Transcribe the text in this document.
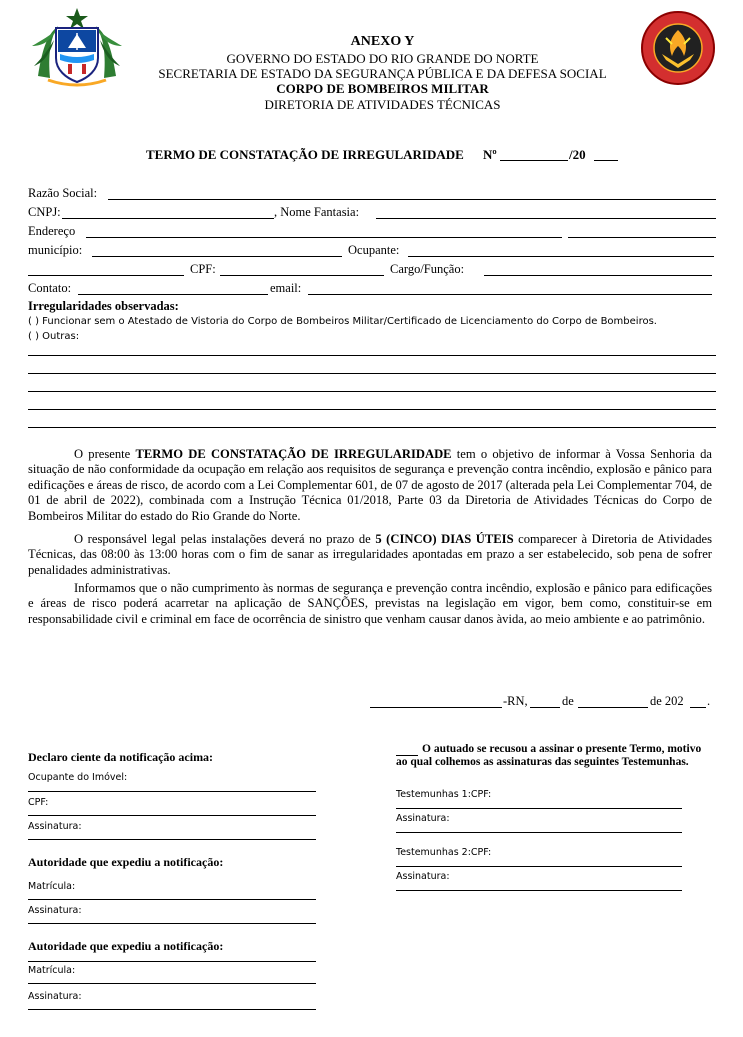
ANEXO Y
GOVERNO DO ESTADO DO RIO GRANDE DO NORTE
SECRETARIA DE ESTADO DA SEGURANÇA PÚBLICA E DA DEFESA SOCIAL
CORPO DE BOMBEIROS MILITAR
DIRETORIA DE ATIVIDADES TÉCNICAS
TERMO DE CONSTATAÇÃO DE IRREGULARIDADE Nº	/20
Razão Social:
CNPJ:	, Nome Fantasia:
Endereço
município:	Ocupante:
CPF:	Cargo/Função:
Contato:	email:
Irregularidades observadas:
( ) Funcionar sem o Atestado de Vistoria do Corpo de Bombeiros Militar/Certificado de Licenciamento do Corpo de Bombeiros.
( ) Outras:
O presente TERMO DE CONSTATAÇÃO DE IRREGULARIDADE tem o objetivo de informar à Vossa Senhoria da situação de não conformidade da ocupação em relação aos requisitos de segurança e prevenção contra incêndio, explosão e pânico para edificações e áreas de risco, de acordo com a Lei Complementar 601, de 07 de agosto de 2017 (alterada pela Lei Complementar 704, de 01 de abril de 2022), combinada com a Instrução Técnica 01/2018, Parte 03 da Diretoria de Atividades Técnicas do Corpo de Bombeiros Militar do estado do Rio Grande do Norte.
O responsável legal pelas instalações deverá no prazo de 5 (CINCO) DIAS ÚTEIS comparecer à Diretoria de Atividades Técnicas, das 08:00 às 13:00 horas com o fim de sanar as irregularidades apontadas em prazo a ser estabelecido, sob pena de sofrer penalidades administrativas.
Informamos que o não cumprimento às normas de segurança e prevenção contra incêndio, explosão e pânico para edificações e áreas de risco poderá acarretar na aplicação de SANÇÕES, previstas na legislação em vigor, bem como, constituir-se em responsabilidade civil e criminal em face de ocorrência de sinistro que venham causar danos àvida, ao meio ambiente e ao patrimônio.
-RN,	de	de 202 .
Declaro ciente da notificação acima:
Ocupante do Imóvel:
CPF:
Assinatura:
Autoridade que expediu a notificação:
Matrícula:
Assinatura:
Autoridade que expediu a notificação:
Matrícula:
Assinatura:
O autuado se recusou a assinar o presente Termo, motivo ao qual colhemos as assinaturas das seguintes Testemunhas.
Testemunhas 1:CPF:
Assinatura:
Testemunhas 2:CPF:
Assinatura:
